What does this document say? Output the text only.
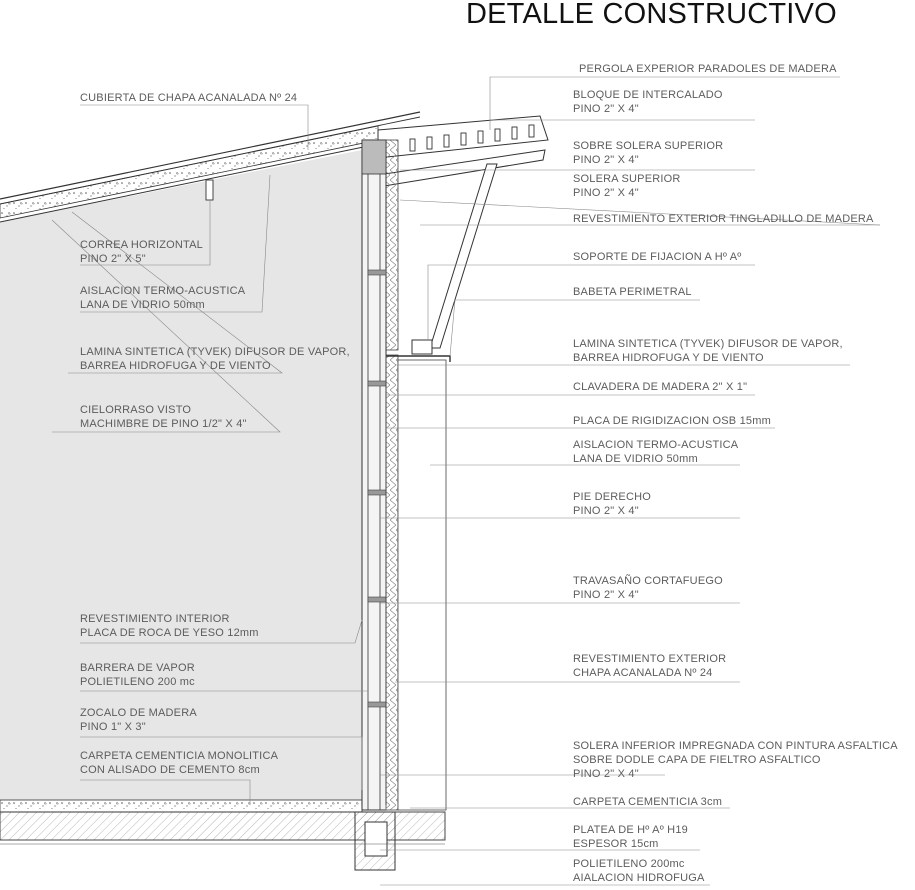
DETALLE CONSTRUCTIVO
CUBIERTA DE CHAPA ACANALADA Nº 24
CORREA HORIZONTAL
PINO 2" X 5"
AISLACION TERMO-ACUSTICA
LANA DE VIDRIO 50mm
LAMINA SINTETICA (TYVEK) DIFUSOR DE VAPOR,
BARREA HIDROFUGA Y DE VIENTO
CIELORRASO VISTO
MACHIMBRE DE PINO 1/2" X 4"
REVESTIMIENTO INTERIOR
PLACA DE ROCA DE YESO 12mm
BARRERA DE VAPOR
POLIETILENO 200 mc
ZOCALO DE MADERA
PINO 1" X 3"
CARPETA CEMENTICIA MONOLITICA
CON ALISADO DE CEMENTO 8cm
PERGOLA EXPERIOR PARADOLES DE MADERA
BLOQUE DE INTERCALADO
PINO 2" X 4"
SOBRE SOLERA SUPERIOR
PINO 2" X 4"
SOLERA SUPERIOR
PINO 2" X 4"
REVESTIMIENTO EXTERIOR TINGLADILLO DE MADERA
SOPORTE DE FIJACION A Hº Aº
BABETA PERIMETRAL
LAMINA SINTETICA (TYVEK) DIFUSOR DE VAPOR,
BARREA HIDROFUGA Y DE VIENTO
CLAVADERA DE MADERA 2" X 1"
PLACA DE RIGIDIZACION OSB 15mm
AISLACION TERMO-ACUSTICA
LANA DE VIDRIO 50mm
PIE DERECHO
PINO 2" X 4"
TRAVASAÑO CORTAFUEGO
PINO 2" X 4"
REVESTIMIENTO EXTERIOR
CHAPA ACANALADA Nº 24
SOLERA INFERIOR IMPREGNADA CON PINTURA ASFALTICA
SOBRE DODLE CAPA DE FIELTRO ASFALTICO
PINO 2" X 4"
CARPETA CEMENTICIA 3cm
PLATEA DE Hº Aº H19
ESPESOR 15cm
POLIETILENO 200mc
AIALACION HIDROFUGA
